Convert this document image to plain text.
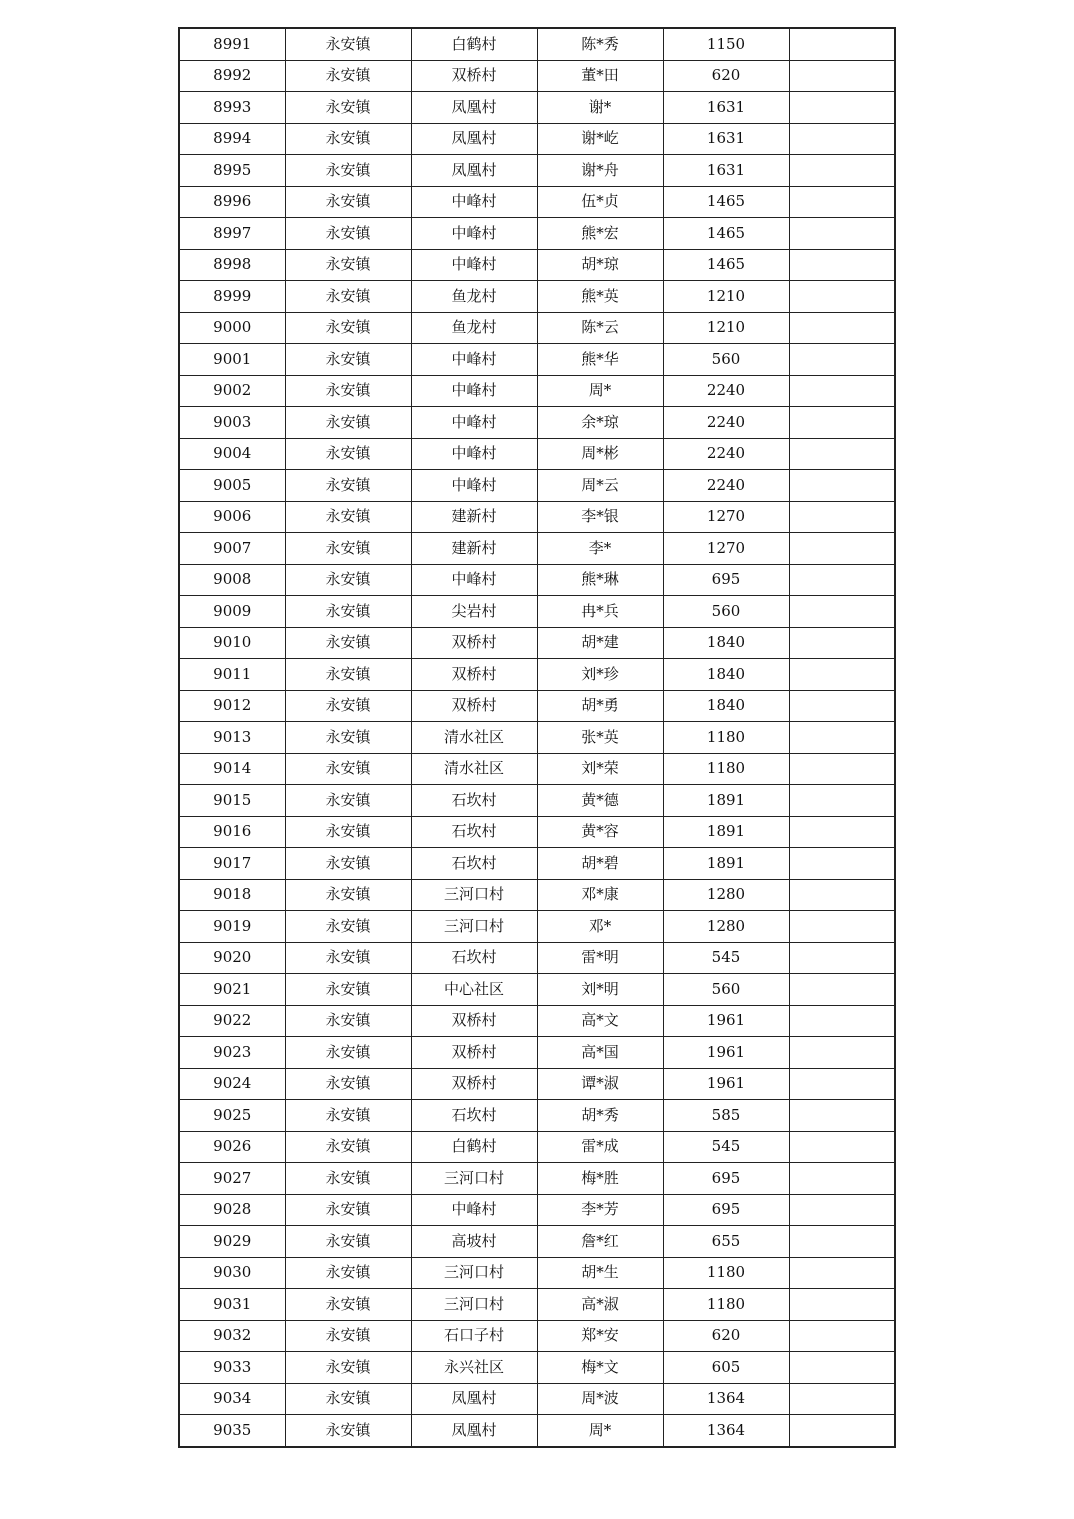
8991	永安镇	白鹤村	陈*秀	1150	
8992	永安镇	双桥村	董*田	620	
8993	永安镇	凤凰村	谢*	1631	
8994	永安镇	凤凰村	谢*屹	1631	
8995	永安镇	凤凰村	谢*舟	1631	
8996	永安镇	中峰村	伍*贞	1465	
8997	永安镇	中峰村	熊*宏	1465	
8998	永安镇	中峰村	胡*琼	1465	
8999	永安镇	鱼龙村	熊*英	1210	
9000	永安镇	鱼龙村	陈*云	1210	
9001	永安镇	中峰村	熊*华	560	
9002	永安镇	中峰村	周*	2240	
9003	永安镇	中峰村	余*琼	2240	
9004	永安镇	中峰村	周*彬	2240	
9005	永安镇	中峰村	周*云	2240	
9006	永安镇	建新村	李*银	1270	
9007	永安镇	建新村	李*	1270	
9008	永安镇	中峰村	熊*琳	695	
9009	永安镇	尖岩村	冉*兵	560	
9010	永安镇	双桥村	胡*建	1840	
9011	永安镇	双桥村	刘*珍	1840	
9012	永安镇	双桥村	胡*勇	1840	
9013	永安镇	清水社区	张*英	1180	
9014	永安镇	清水社区	刘*荣	1180	
9015	永安镇	石坎村	黄*德	1891	
9016	永安镇	石坎村	黄*容	1891	
9017	永安镇	石坎村	胡*碧	1891	
9018	永安镇	三河口村	邓*康	1280	
9019	永安镇	三河口村	邓*	1280	
9020	永安镇	石坎村	雷*明	545	
9021	永安镇	中心社区	刘*明	560	
9022	永安镇	双桥村	高*文	1961	
9023	永安镇	双桥村	高*国	1961	
9024	永安镇	双桥村	谭*淑	1961	
9025	永安镇	石坎村	胡*秀	585	
9026	永安镇	白鹤村	雷*成	545	
9027	永安镇	三河口村	梅*胜	695	
9028	永安镇	中峰村	李*芳	695	
9029	永安镇	高坡村	詹*红	655	
9030	永安镇	三河口村	胡*生	1180	
9031	永安镇	三河口村	高*淑	1180	
9032	永安镇	石口子村	郑*安	620	
9033	永安镇	永兴社区	梅*文	605	
9034	永安镇	凤凰村	周*波	1364	
9035	永安镇	凤凰村	周*	1364	
